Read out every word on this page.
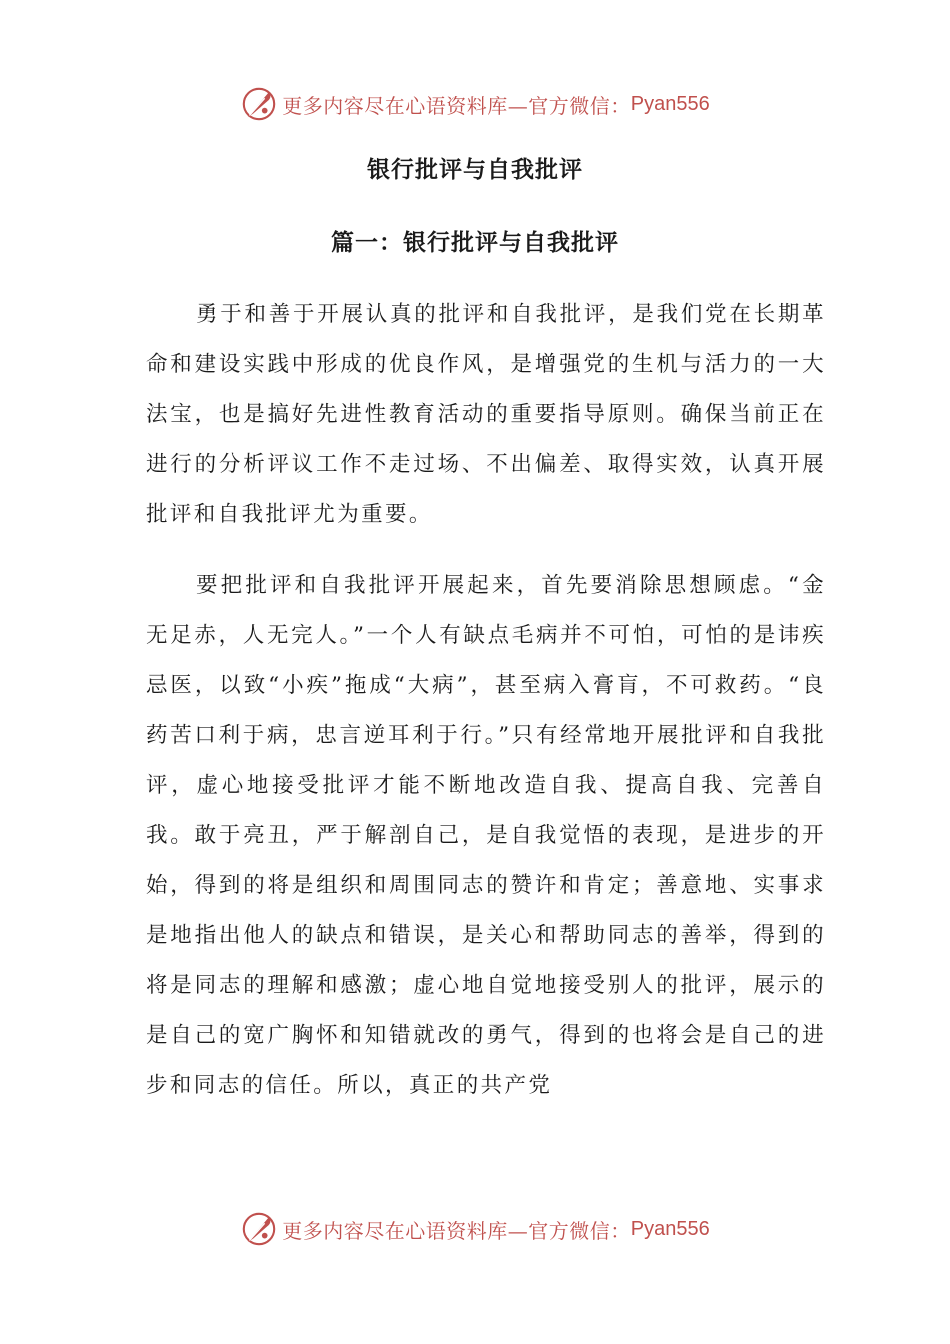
更多内容尽在心语资料库—官方微信： Pyan556
银行批评与自我批评
篇一：银行批评与自我批评

勇于和善于开展认真的批评和自我批评，是我们党在长期革命和建设实践中形成的优良作风，是增强党的生机与活力的一大法宝，也是搞好先进性教育活动的重要指导原则。确保当前正在进行的分析评议工作不走过场、不出偏差、取得实效，认真开展批评和自我批评尤为重要。

要把批评和自我批评开展起来，首先要消除思想顾虑。“金无足赤，人无完人。”一个人有缺点毛病并不可怕，可怕的是讳疾忌医，以致“小疾”拖成“大病”，甚至病入膏肓，不可救药。“良药苦口利于病，忠言逆耳利于行。”只有经常地开展批评和自我批评，虚心地接受批评才能不断地改造自我、提高自我、完善自我。敢于亮丑，严于解剖自己，是自我觉悟的表现，是进步的开始，得到的将是组织和周围同志的赞许和肯定；善意地、实事求是地指出他人的缺点和错误，是关心和帮助同志的善举，得到的将是同志的理解和感激；虚心地自觉地接受别人的批评，展示的是自己的宽广胸怀和知错就改的勇气，得到的也将会是自己的进步和同志的信任。所以，真正的共产党

更多内容尽在心语资料库—官方微信： Pyan556
